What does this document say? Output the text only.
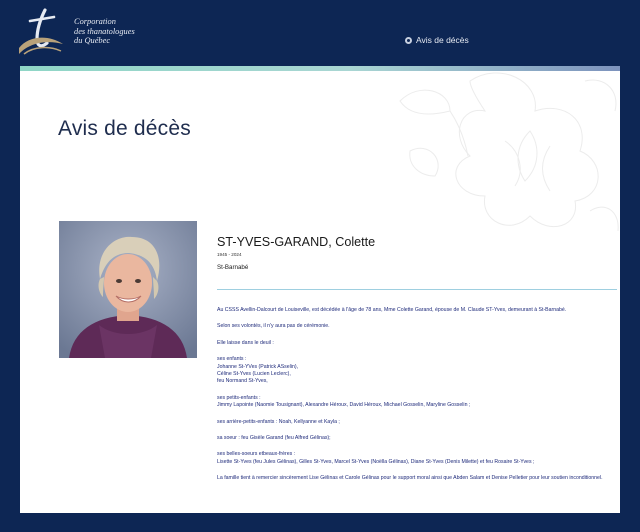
Corporation
des thanatologues
du Québec	Avis de décès
Avis de décès
ST-YVES-GARAND, Colette
1945 - 2024
St-Barnabé

Au CSSS Avellin-Dalcourt de Louiseville, est décédée à l'âge de 78 ans, Mme Colette Garand, épouse de M. Claude ST-Yves, demeurant à St-Barnabé.

Selon ses volontés, il n'y aura pas de cérémonie.

Elle laisse dans le deuil :

ses enfants :
Johanne St-YVes (Patrick ASselin),
Céline St-Yves (Lucien Leclerc),
feu Normand St-Yves,

ses petits-enfants :
Jimmy Lapointe (Naomie Tousignant), Alexandre Héroux, David Héroux, Michael Gosselin, Maryline Gosselin ;

ses arrière-petits-enfants : Noah, Kellyanne et Kayla ;

sa soeur : feu Gisèle Garand (feu Alfred Gélinas);

ses belles-soeurs etbeaux-frères :
Lisette St-Yves (feu Jules Gélinas), Gilles St-Yves, Marcel St-Yves (Noëlla Gélinas), Diane St-Yves (Denis Milette) et feu Rosaire St-Yves ;

La famille tient à remercier sincèrement Lise Gélinas et Carole Gélinas pour le support moral ainsi que Abden Salam et Denise Pelletier pour leur soutien inconditionnel.
